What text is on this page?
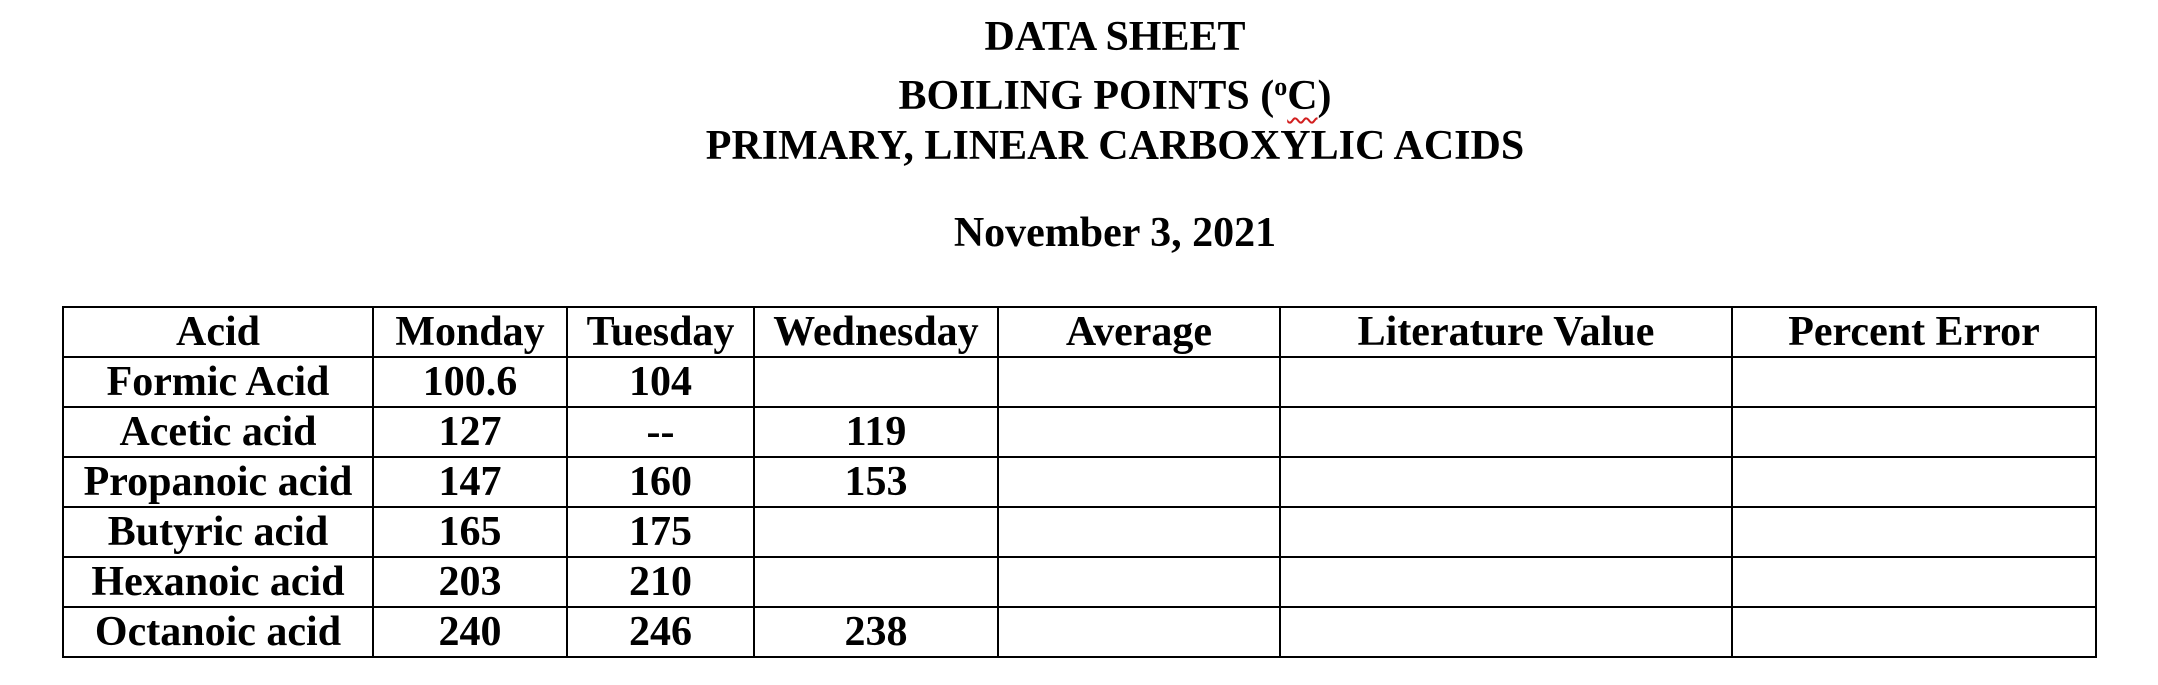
DATA SHEET
BOILING POINTS ($^o$C)
PRIMARY, LINEAR CARBOXYLIC ACIDS
November 3, 2021
Acid	Monday	Tuesday	Wednesday	Average	Literature Value	Percent Error
Formic Acid	100.6	104				
Acetic acid	127	--	119			
Propanoic acid	147	160	153			
Butyric acid	165	175				
Hexanoic acid	203	210				
Octanoic acid	240	246	238			
